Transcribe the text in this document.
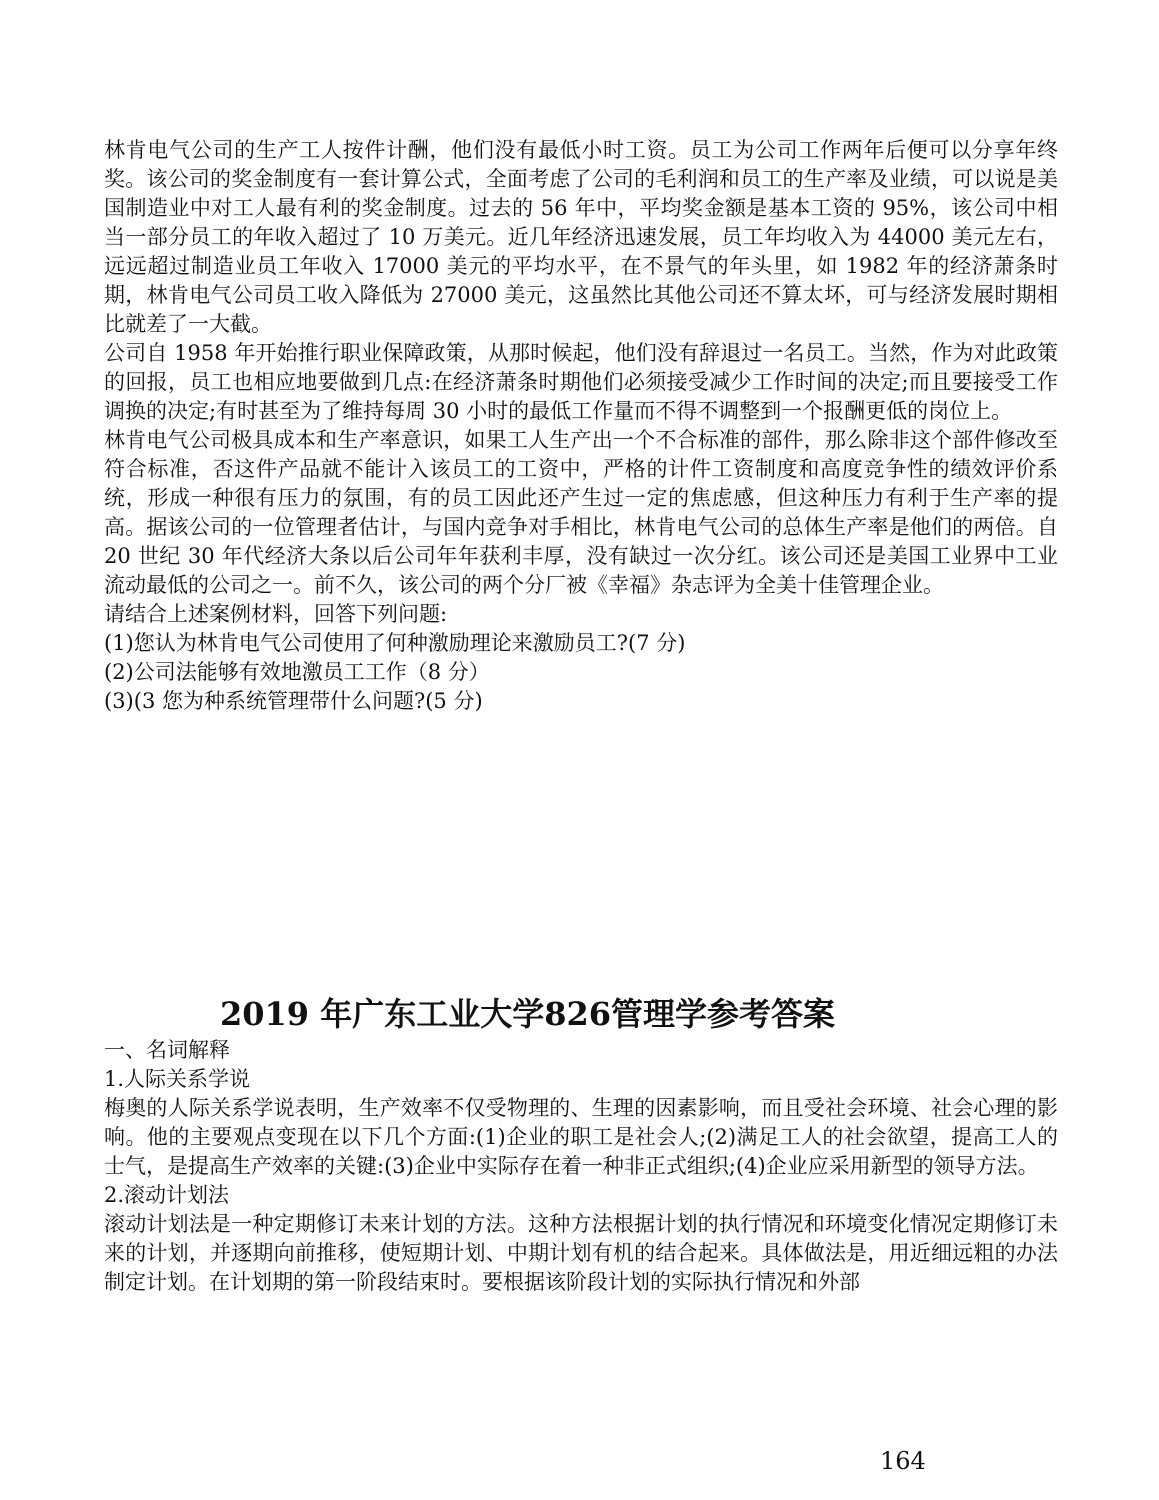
林肯电气公司的生产工人按件计酬，他们没有最低小时工资。员工为公司工作两年后便可以分享年终奖。该公司的奖金制度有一套计算公式，全面考虑了公司的毛利润和员工的生产率及业绩，可以说是美国制造业中对工人最有利的奖金制度。过去的 56 年中，平均奖金额是基本工资的 95%，该公司中相当一部分员工的年收入超过了 10 万美元。近几年经济迅速发展，员工年均收入为 44000 美元左右，远远超过制造业员工年收入 17000 美元的平均水平，在不景气的年头里，如 1982 年的经济萧条时期，林肯电气公司员工收入降低为 27000 美元，这虽然比其他公司还不算太坏，可与经济发展时期相比就差了一大截。

公司自 1958 年开始推行职业保障政策，从那时候起，他们没有辞退过一名员工。当然，作为对此政策的回报，员工也相应地要做到几点:在经济萧条时期他们必须接受减少工作时间的决定;而且要接受工作调换的决定;有时甚至为了维持每周 30 小时的最低工作量而不得不调整到一个报酬更低的岗位上。

林肯电气公司极具成本和生产率意识，如果工人生产出一个不合标准的部件，那么除非这个部件修改至符合标准，否这件产品就不能计入该员工的工资中，严格的计件工资制度和高度竞争性的绩效评价系统，形成一种很有压力的氛围，有的员工因此还产生过一定的焦虑感，但这种压力有利于生产率的提高。据该公司的一位管理者估计，与国内竞争对手相比，林肯电气公司的总体生产率是他们的两倍。自 20 世纪 30 年代经济大条以后公司年年获利丰厚，没有缺过一次分红。该公司还是美国工业界中工业流动最低的公司之一。前不久，该公司的两个分厂被《幸福》杂志评为全美十佳管理企业。

请结合上述案例材料，回答下列问题:

(1)您认为林肯电气公司使用了何种激励理论来激励员工?(7 分)

(2)公司法能够有效地激员工工作（8 分）

(3)(3 您为种系统管理带什么问题?(5 分)

2019 年广东工业大学826管理学参考答案

一、名词解释

1.人际关系学说

梅奥的人际关系学说表明，生产效率不仅受物理的、生理的因素影响，而且受社会环境、社会心理的影响。他的主要观点变现在以下几个方面:(1)企业的职工是社会人;(2)满足工人的社会欲望，提高工人的士气，是提高生产效率的关键:(3)企业中实际存在着一种非正式组织;(4)企业应采用新型的领导方法。

2.滚动计划法

滚动计划法是一种定期修订未来计划的方法。这种方法根据计划的执行情况和环境变化情况定期修订未来的计划，并逐期向前推移，使短期计划、中期计划有机的结合起来。具体做法是，用近细远粗的办法制定计划。在计划期的第一阶段结束时。要根据该阶段计划的实际执行情况和外部

164
